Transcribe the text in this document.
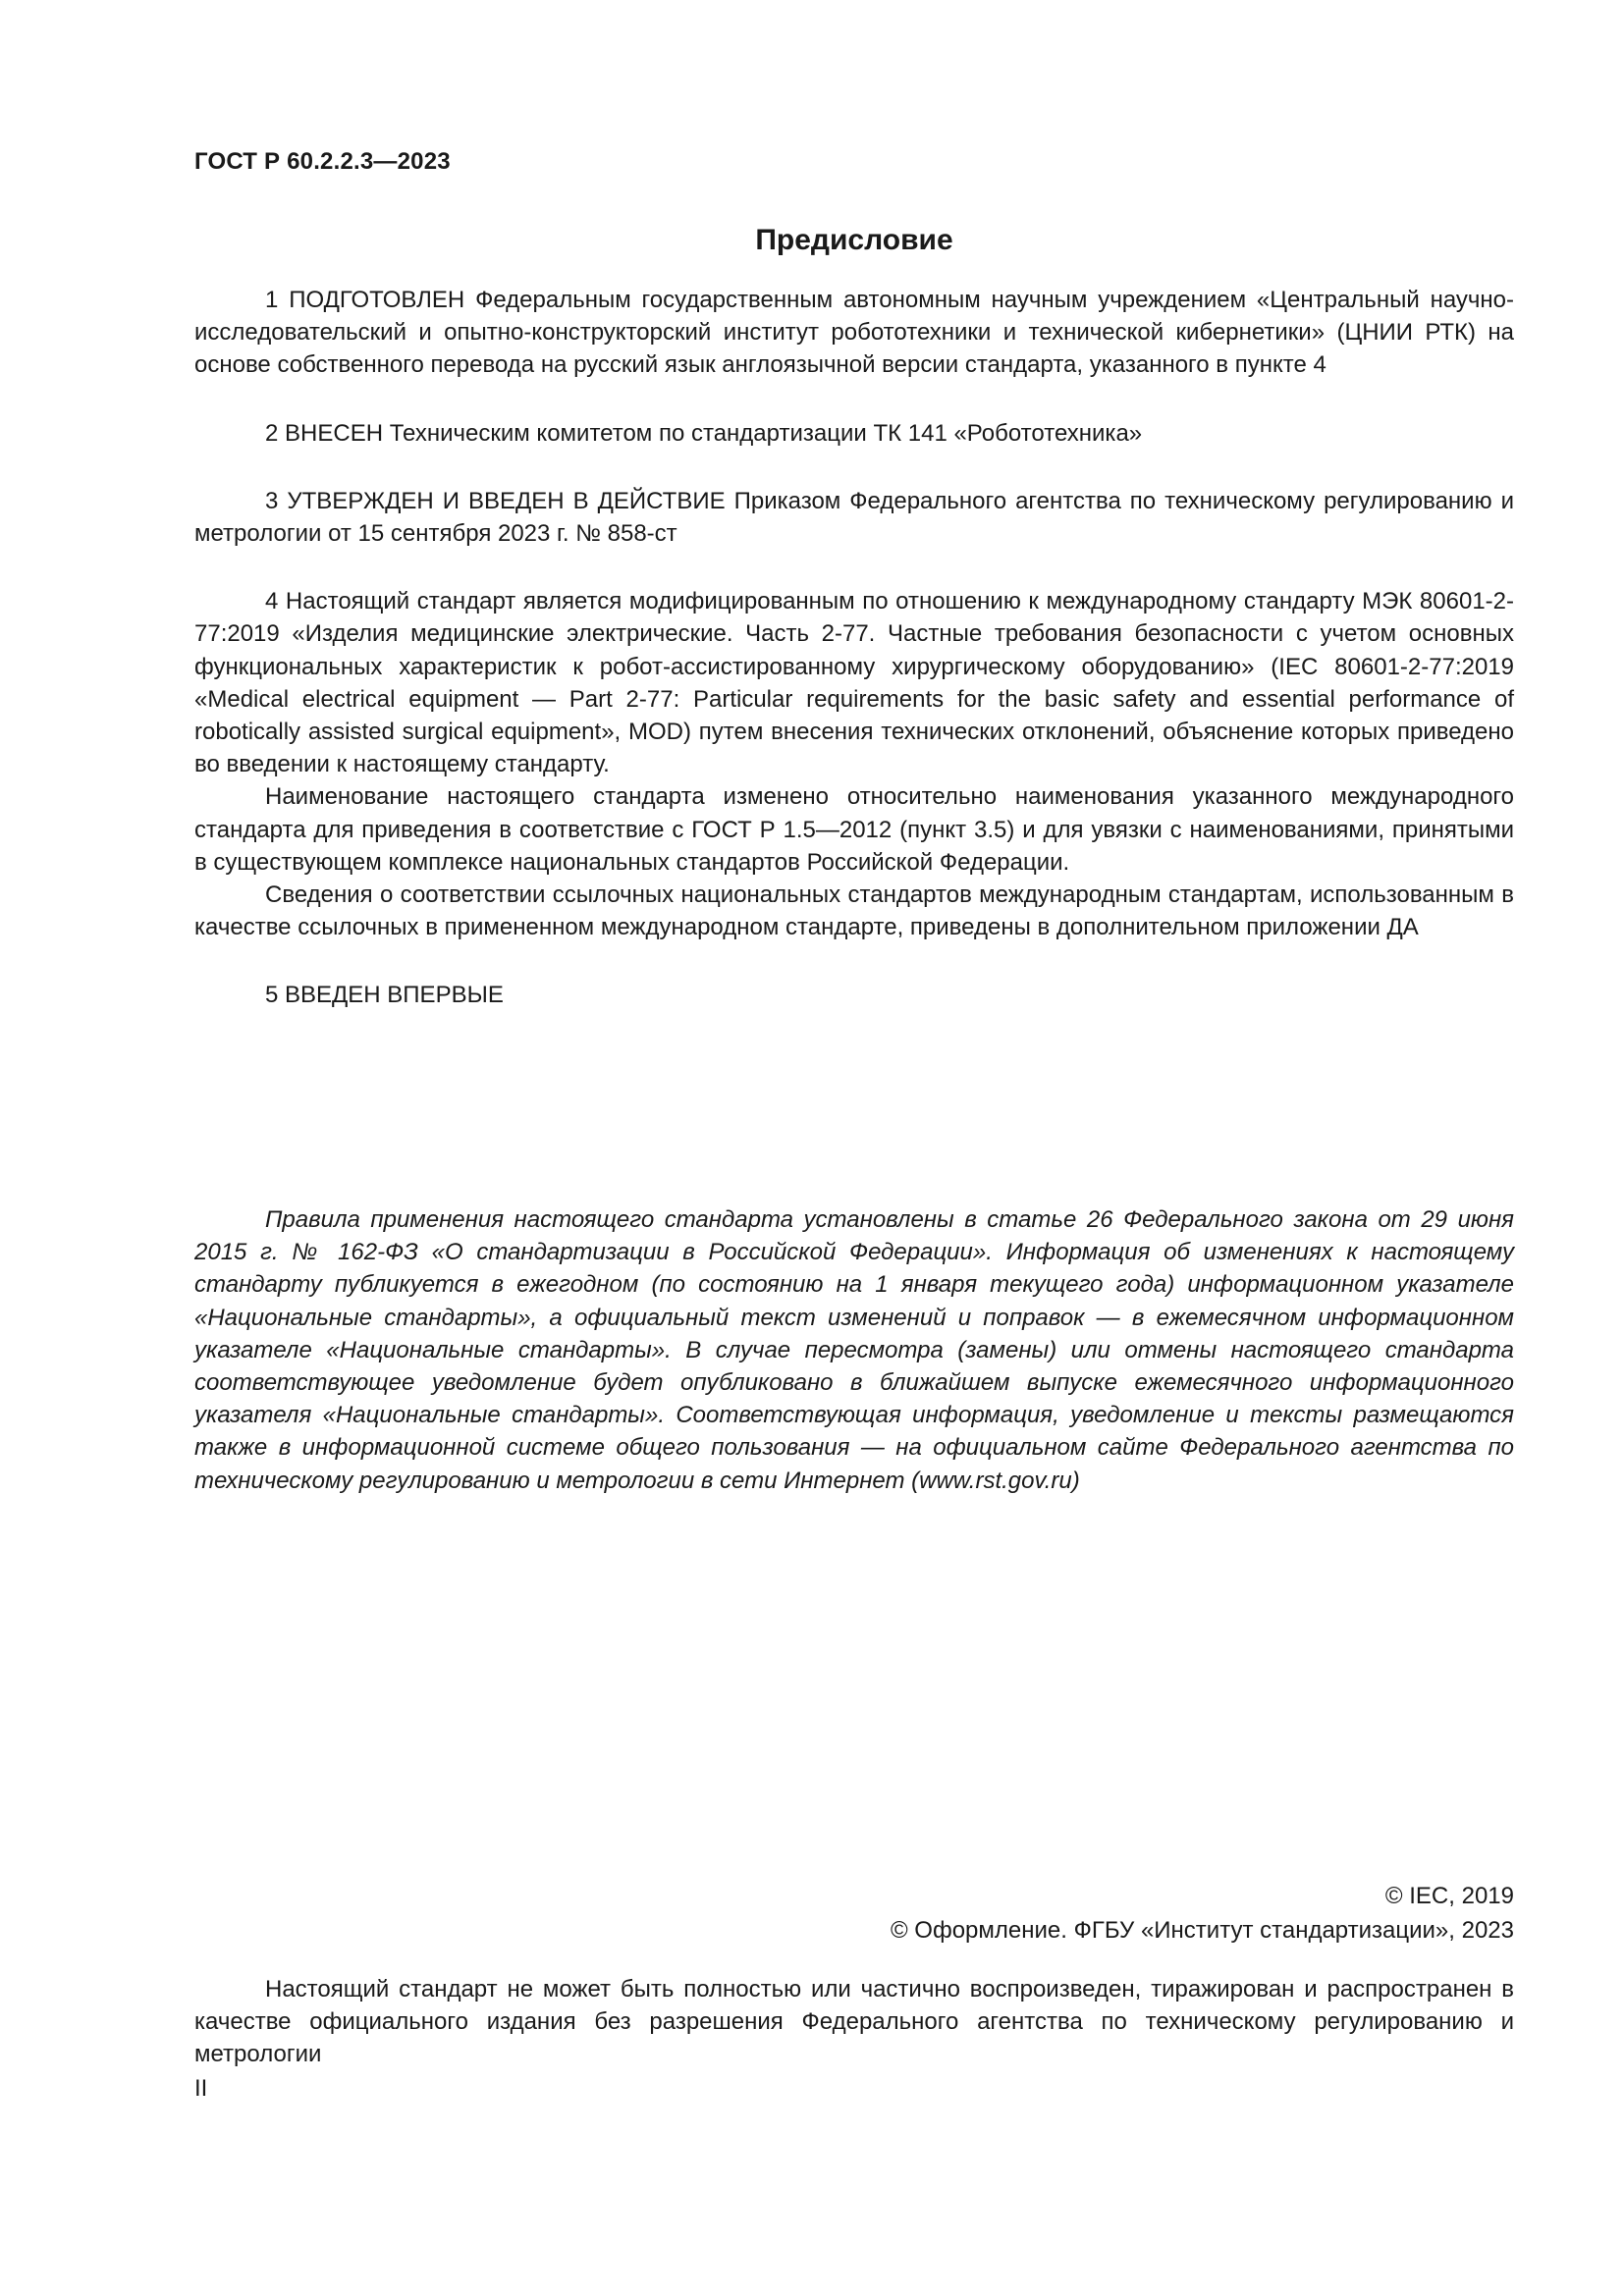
ГОСТ Р 60.2.2.3—2023
Предисловие

1 ПОДГОТОВЛЕН Федеральным государственным автономным научным учреждением «Центральный научно-исследовательский и опытно-конструкторский институт робототехники и технической кибернетики» (ЦНИИ РТК) на основе собственного перевода на русский язык англоязычной версии стандарта, указанного в пункте 4

2 ВНЕСЕН Техническим комитетом по стандартизации ТК 141 «Робототехника»

3 УТВЕРЖДЕН И ВВЕДЕН В ДЕЙСТВИЕ Приказом Федерального агентства по техническому регулированию и метрологии от 15 сентября 2023 г. № 858-ст

4 Настоящий стандарт является модифицированным по отношению к международному стандарту МЭК 80601-2-77:2019 «Изделия медицинские электрические. Часть 2-77. Частные требования безопасности с учетом основных функциональных характеристик к робот-ассистированному хирургическому оборудованию» (IEC 80601-2-77:2019 «Medical electrical equipment — Part 2-77: Particular requirements for the basic safety and essential performance of robotically assisted surgical equipment», MOD) путем внесения технических отклонений, объяснение которых приведено во введении к настоящему стандарту.

Наименование настоящего стандарта изменено относительно наименования указанного международного стандарта для приведения в соответствие с ГОСТ Р 1.5—2012 (пункт 3.5) и для увязки с наименованиями, принятыми в существующем комплексе национальных стандартов Российской Федерации.

Сведения о соответствии ссылочных национальных стандартов международным стандартам, использованным в качестве ссылочных в примененном международном стандарте, приведены в дополнительном приложении ДА

5 ВВЕДЕН ВПЕРВЫЕ

Правила применения настоящего стандарта установлены в статье 26 Федерального закона от 29 июня 2015 г. № 162-ФЗ «О стандартизации в Российской Федерации». Информация об изменениях к настоящему стандарту публикуется в ежегодном (по состоянию на 1 января текущего года) информационном указателе «Национальные стандарты», а официальный текст изменений и поправок — в ежемесячном информационном указателе «Национальные стандарты». В случае пересмотра (замены) или отмены настоящего стандарта соответствующее уведомление будет опубликовано в ближайшем выпуске ежемесячного информационного указателя «Национальные стандарты». Соответствующая информация, уведомление и тексты размещаются также в информационной системе общего пользования — на официальном сайте Федерального агентства по техническому регулированию и метрологии в сети Интернет (www.rst.gov.ru)

© IEC, 2019
© Оформление. ФГБУ «Институт стандартизации», 2023

Настоящий стандарт не может быть полностью или частично воспроизведен, тиражирован и распространен в качестве официального издания без разрешения Федерального агентства по техническому регулированию и метрологии

II
